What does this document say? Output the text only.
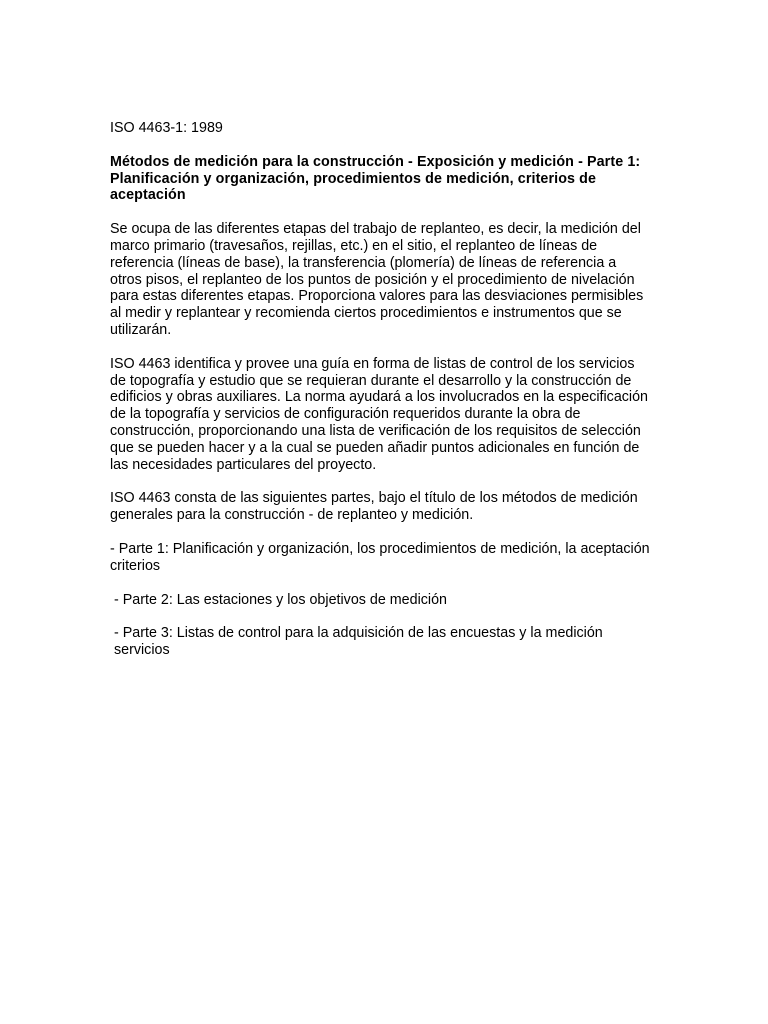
ISO 4463-1: 1989

Métodos de medición para la construcción - Exposición y medición - Parte 1: Planificación y organización, procedimientos de medición, criterios de aceptación

Se ocupa de las diferentes etapas del trabajo de replanteo, es decir, la medición del marco primario (travesaños, rejillas, etc.) en el sitio, el replanteo de líneas de referencia (líneas de base), la transferencia (plomería) de líneas de referencia a otros pisos, el replanteo de los puntos de posición y el procedimiento de nivelación para estas diferentes etapas. Proporciona valores para las desviaciones permisibles al medir y replantear y recomienda ciertos procedimientos e instrumentos que se utilizarán.

ISO 4463 identifica y provee una guía en forma de listas de control de los servicios de topografía y estudio que se requieran durante el desarrollo y la construcción de edificios y obras auxiliares. La norma ayudará a los involucrados en la especificación de la topografía y servicios de configuración requeridos durante la obra de construcción, proporcionando una lista de verificación de los requisitos de selección que se pueden hacer y a la cual se pueden añadir puntos adicionales en función de las necesidades particulares del proyecto.

ISO 4463 consta de las siguientes partes, bajo el título de los métodos de medición generales para la construcción - de replanteo y medición.

- Parte 1: Planificación y organización, los procedimientos de medición, la aceptación criterios

- Parte 2: Las estaciones y los objetivos de medición

- Parte 3: Listas de control para la adquisición de las encuestas y la medición servicios
